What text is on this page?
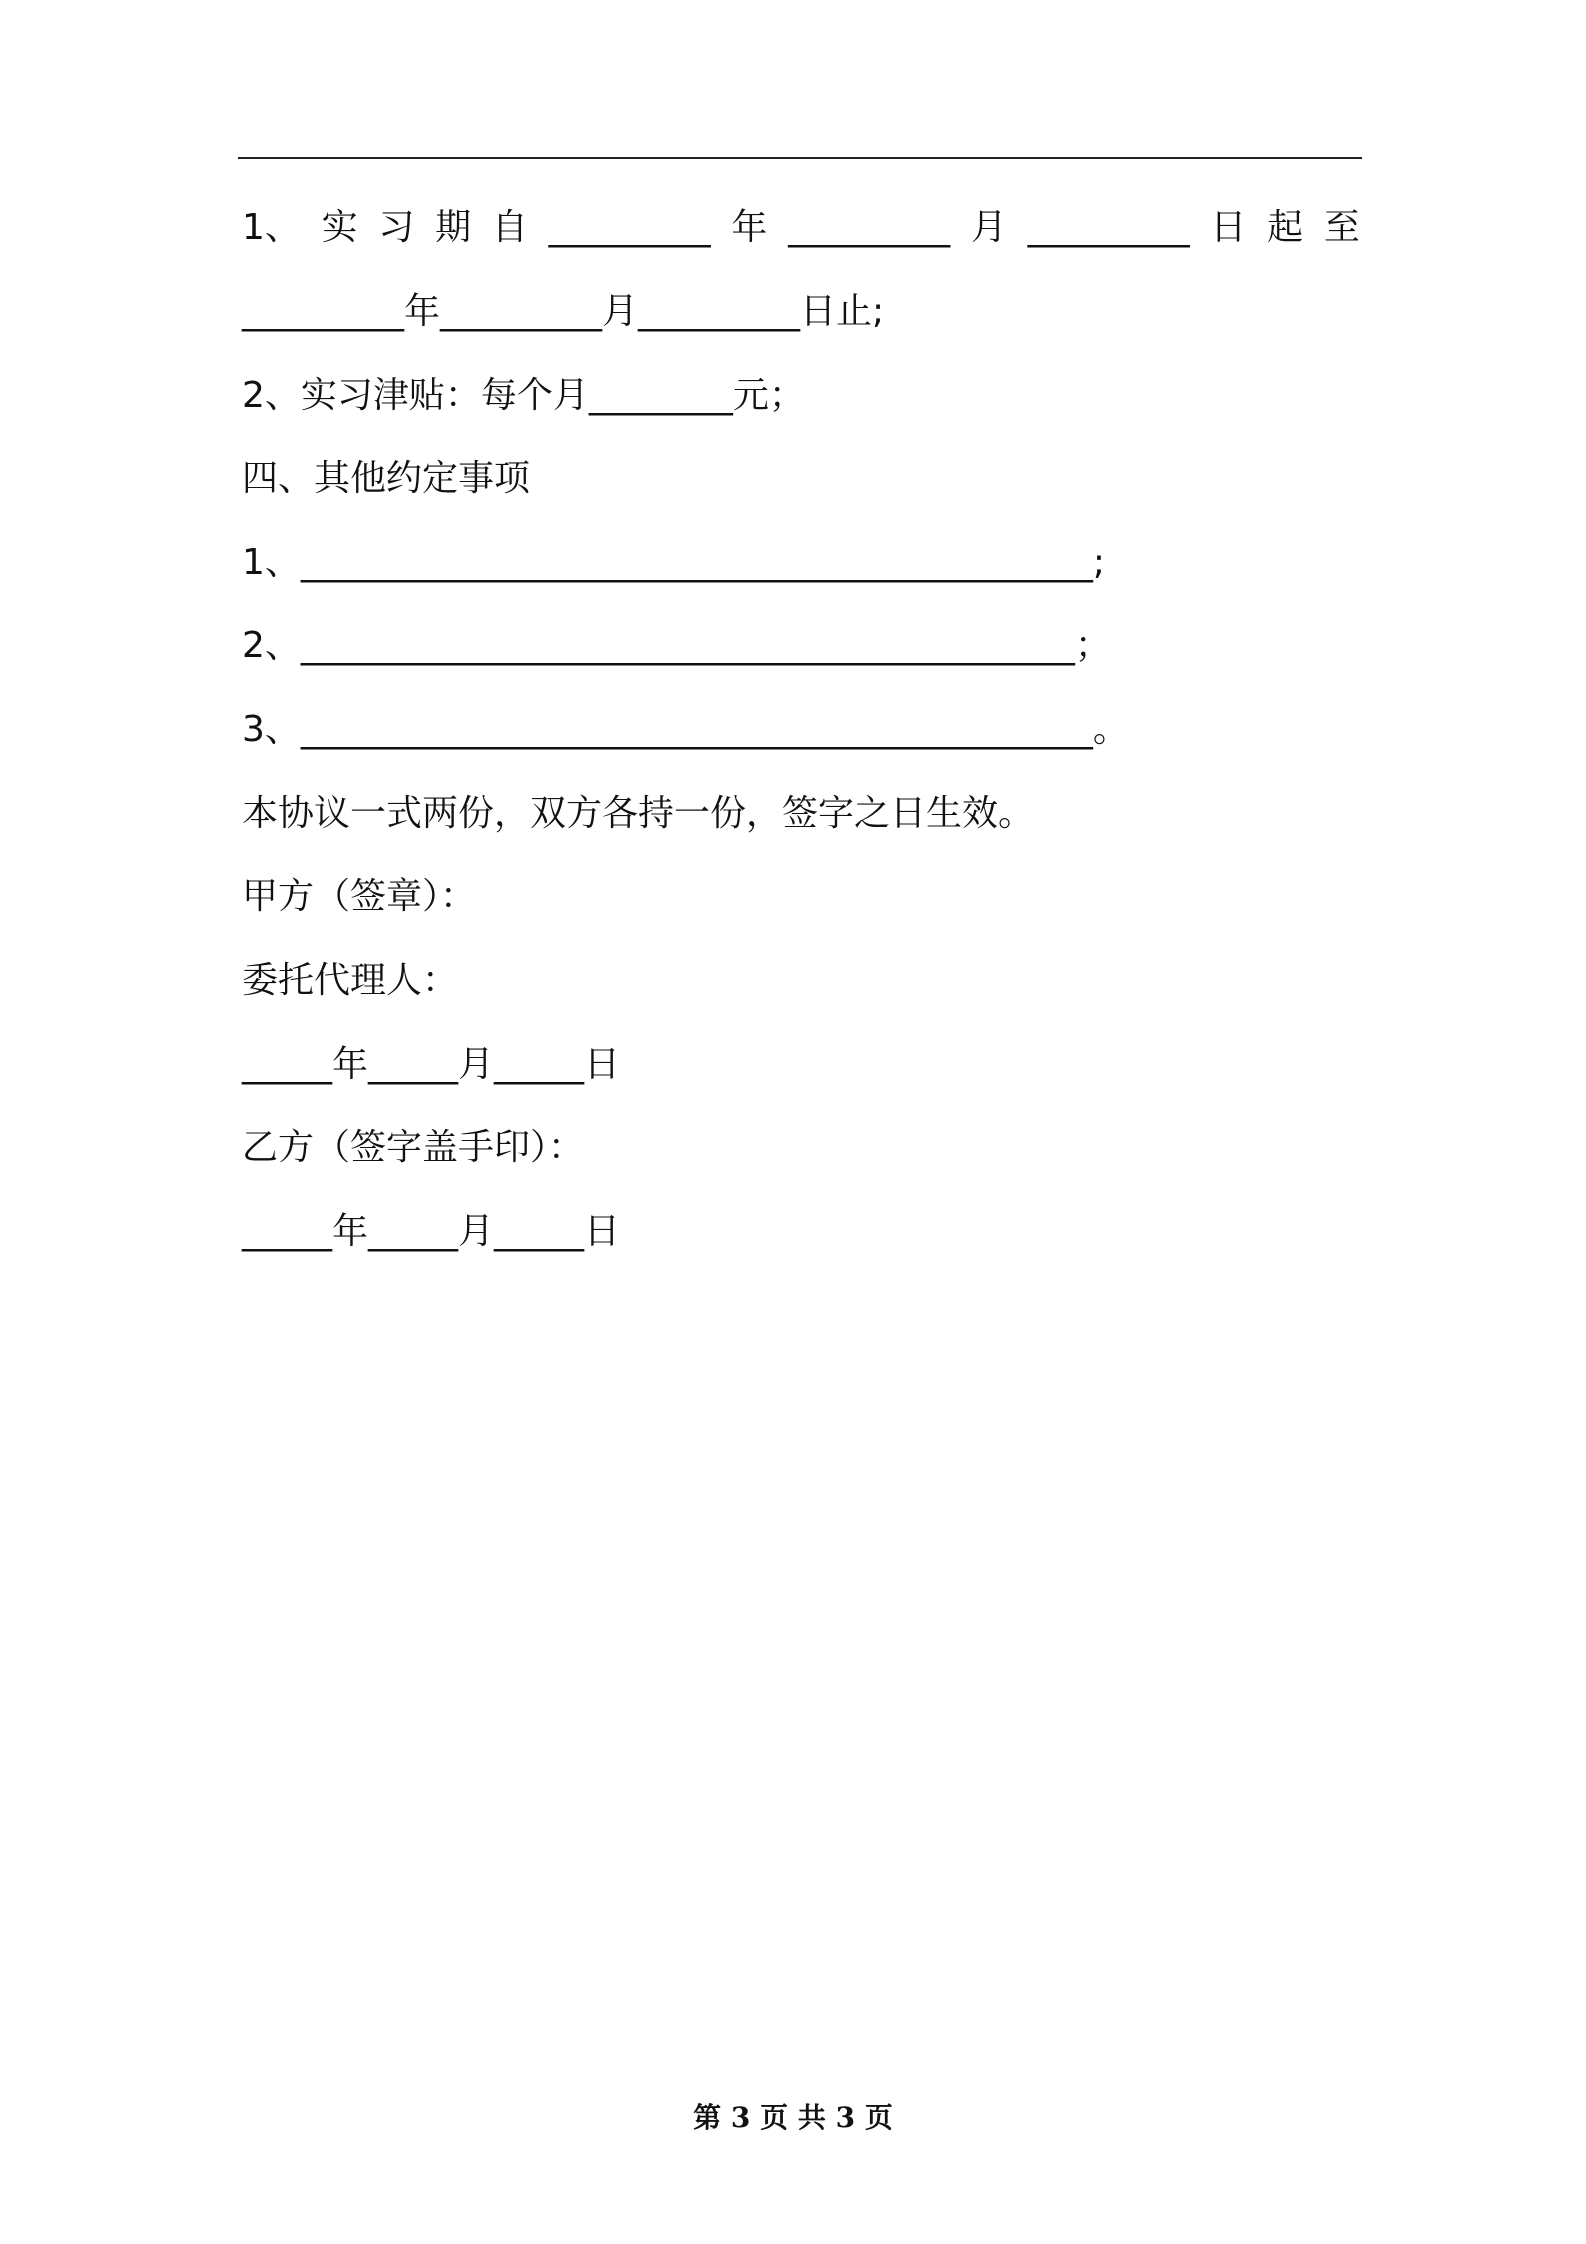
1、 实 习 期 自 _________ 年 _________ 月 _________ 日 起 至
_________年_________月_________日止;
2、实习津贴：每个月________元；
四、其他约定事项
1、____________________________________________;
2、___________________________________________；
3、____________________________________________。
本协议一式两份，双方各持一份，签字之日生效。
甲方（签章）：
委托代理人：
_____年_____月_____日
乙方（签字盖手印）：
_____年_____月_____日
第 3 页 共 3 页
